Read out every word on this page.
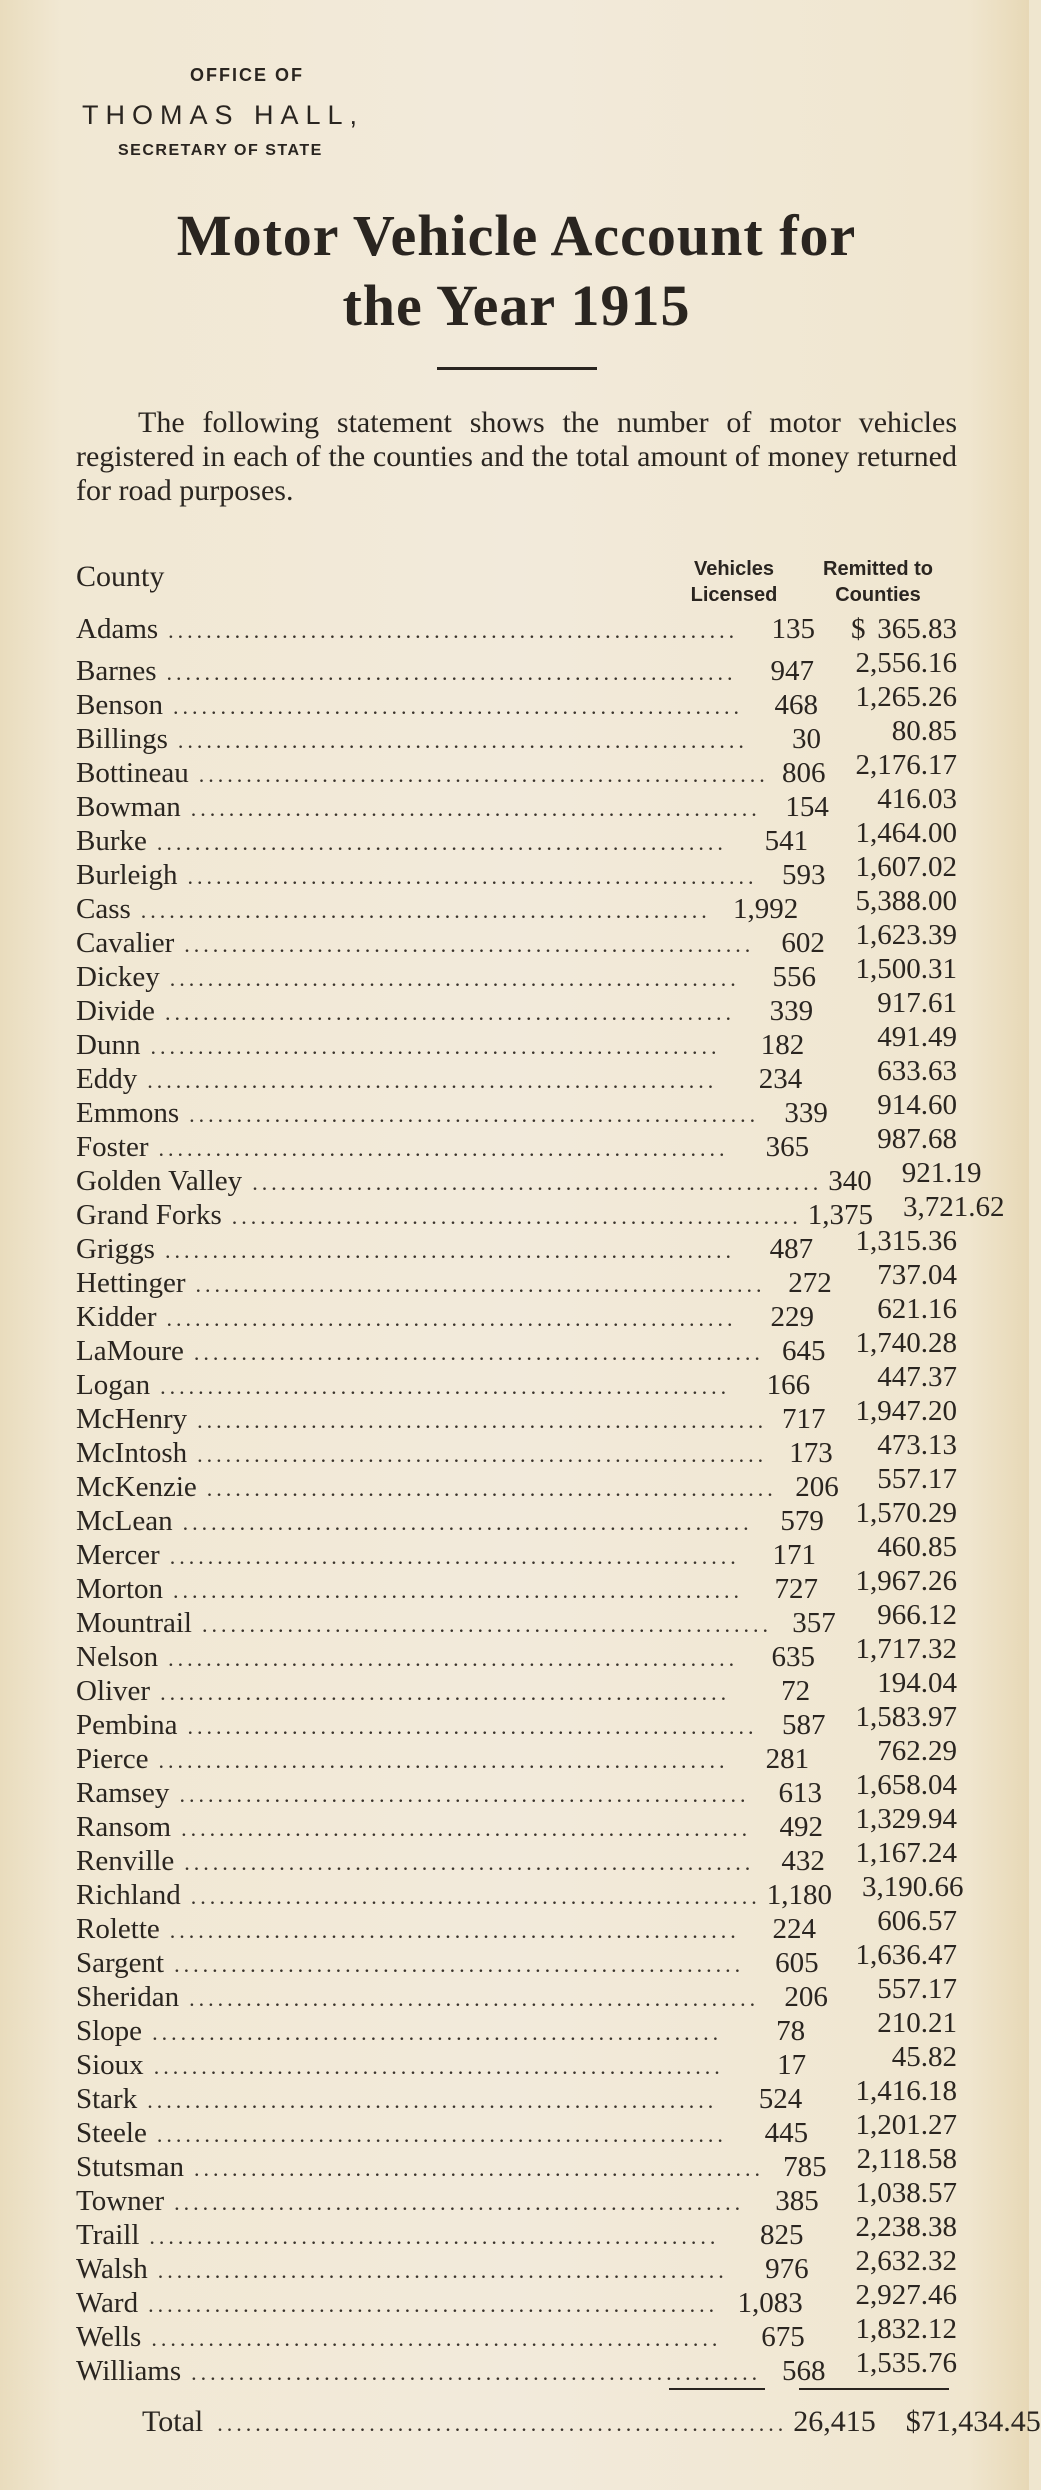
OFFICE OF
THOMAS HALL,
SECRETARY OF STATE
Motor Vehicle Account for
the Year 1915

The following statement shows the number of motor vehicles registered in each of the counties and the total amount of money returned for road purposes.

County	Vehicles
Licensed
Remitted to
Counties
Adams ............................................................	135	$ 365.83
Barnes ............................................................	947	2,556.16
Benson ............................................................	468	1,265.26
Billings ............................................................	30	80.85
Bottineau ............................................................ 806	2,176.17
Bowman ............................................................ 154	416.03
Burke ............................................................	541	1,464.00
Burleigh ............................................................ 593	1,607.02
Cass ............................................................ 1,992	5,388.00
Cavalier ............................................................ 602	1,623.39
Dickey ............................................................	556	1,500.31
Divide ............................................................	339	917.61
Dunn ............................................................	182	491.49
Eddy ............................................................	234	633.63
Emmons ............................................................ 339	914.60
Foster ............................................................	365	987.68
Golden Valley ............................................................ 340	921.19
Grand Forks ............................................................ 1,375	3,721.62
Griggs ............................................................	487	1,315.36
Hettinger ............................................................ 272	737.04
Kidder ............................................................	229	621.16
LaMoure ............................................................ 645	1,740.28
Logan ............................................................	166	447.37
McHenry ............................................................ 717	1,947.20
McIntosh ............................................................ 173	473.13
McKenzie ............................................................ 206	557.17
McLean ............................................................ 579	1,570.29
Mercer ............................................................	171	460.85
Morton ............................................................	727	1,967.26
Mountrail ............................................................ 357	966.12
Nelson ............................................................	635	1,717.32
Oliver ............................................................	72	194.04
Pembina ............................................................ 587	1,583.97
Pierce ............................................................	281	762.29
Ramsey ............................................................	613	1,658.04
Ransom ............................................................ 492	1,329.94
Renville ............................................................ 432	1,167.24
Richland ............................................................ 1,180	3,190.66
Rolette ............................................................	224	606.57
Sargent ............................................................	605	1,636.47
Sheridan ............................................................ 206	557.17
Slope ............................................................	78	210.21
Sioux ............................................................	17	45.82
Stark ............................................................	524	1,416.18
Steele ............................................................	445	1,201.27
Stutsman ............................................................ 785	2,118.58
Towner ............................................................	385	1,038.57
Traill ............................................................	825	2,238.38
Walsh ............................................................	976	2,632.32
Ward ............................................................ 1,083	2,927.46
Wells ............................................................	675	1,832.12
Williams ............................................................ 568	1,535.76
Total ............................................................ 26,415	$71,434.45
